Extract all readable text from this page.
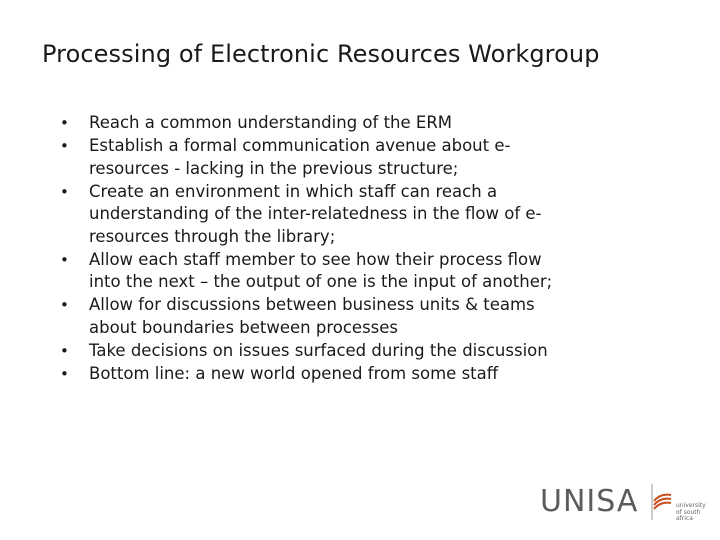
Processing of Electronic Resources Workgroup
• Reach a common understanding of the ERM
• Establish a formal communication avenue about e-
resources - lacking in the previous structure;
• Create an environment in which staff can reach a
understanding of the inter-relatedness in the flow of e-
resources through the library;
• Allow each staff member to see how their process flow
into the next – the output of one is the input of another;
• Allow for discussions between business units & teams
about boundaries between processes
• Take decisions on issues surfaced during the discussion
• Bottom line: a new world opened from some staff
UNISA	university
of south africa
